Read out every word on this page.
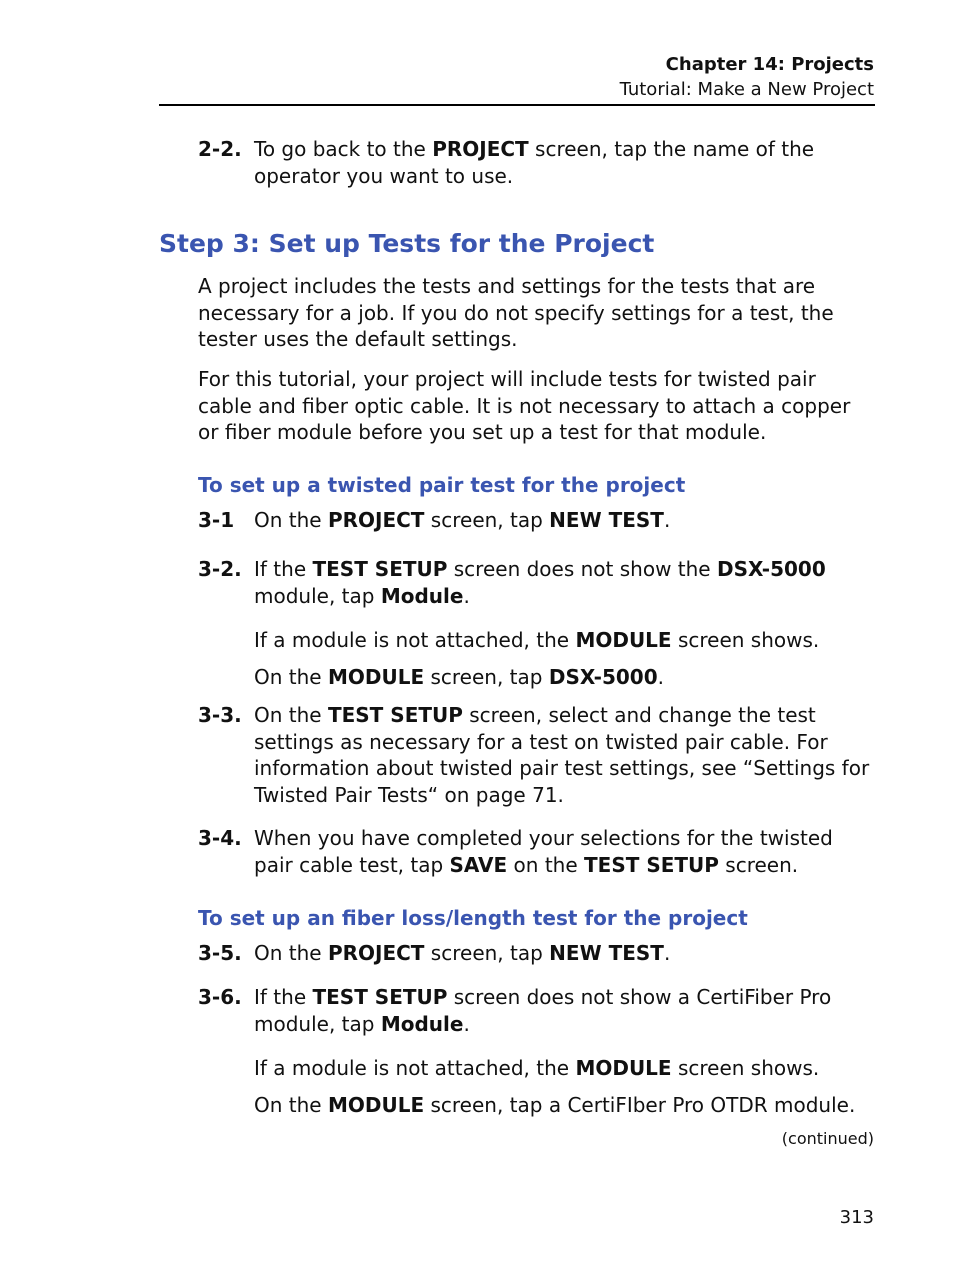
Chapter 14: Projects
Tutorial: Make a New Project
2-2. To go back to the PROJECT screen, tap the name of the operator you want to use.
Step 3: Set up Tests for the Project
A project includes the tests and settings for the tests that are necessary for a job. If you do not specify settings for a test, the tester uses the default settings.
For this tutorial, your project will include tests for twisted pair cable and fiber optic cable. It is not necessary to attach a copper or fiber module before you set up a test for that module.
To set up a twisted pair test for the project
3-1 On the PROJECT screen, tap NEW TEST.
3-2. If the TEST SETUP screen does not show the DSX-5000 module, tap Module.
If a module is not attached, the MODULE screen shows.
On the MODULE screen, tap DSX-5000.
3-3. On the TEST SETUP screen, select and change the test settings as necessary for a test on twisted pair cable. For information about twisted pair test settings, see “Settings for Twisted Pair Tests“ on page 71.
3-4. When you have completed your selections for the twisted pair cable test, tap SAVE on the TEST SETUP screen.
To set up an fiber loss/length test for the project
3-5. On the PROJECT screen, tap NEW TEST.
3-6. If the TEST SETUP screen does not show a CertiFiber Pro module, tap Module.
If a module is not attached, the MODULE screen shows.
On the MODULE screen, tap a CertiFIber Pro OTDR module.
(continued)
313
